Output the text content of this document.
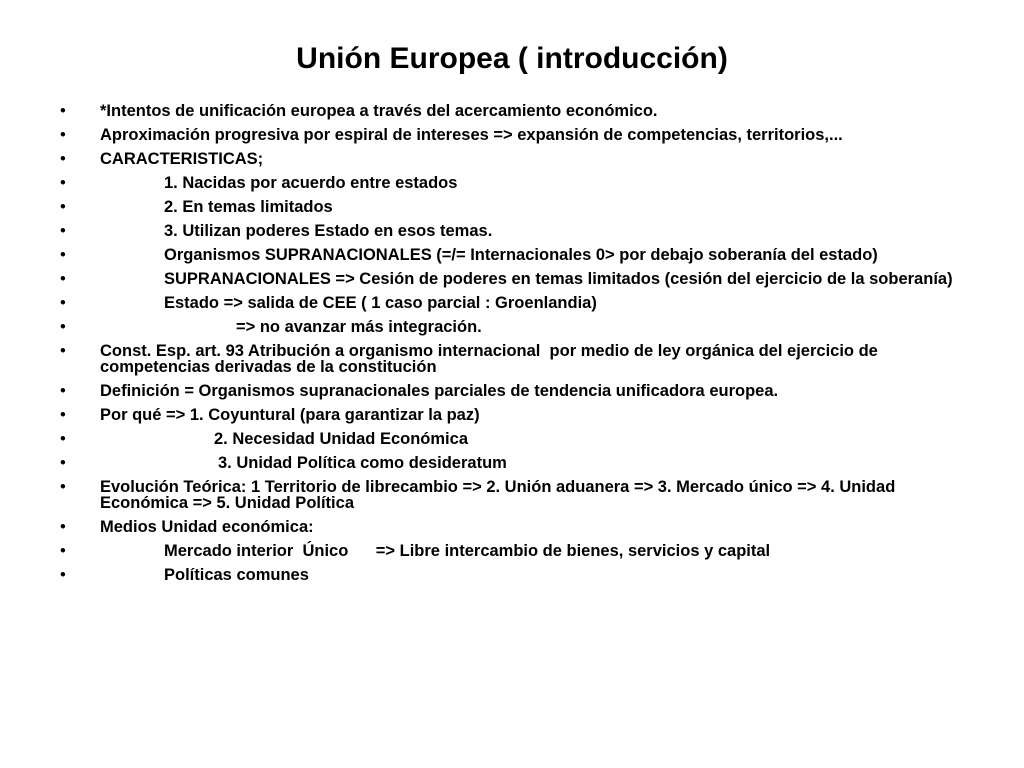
Unión Europea ( introducción)
• *Intentos de unificación europea a través del acercamiento económico.
• Aproximación progresiva por espiral de intereses => expansión de competencias, territorios,...
• CARACTERISTICAS;
•	1. Nacidas por acuerdo entre estados
•	2. En temas limitados
•	3. Utilizan poderes Estado en esos temas.
•	Organismos SUPRANACIONALES (=/= Internacionales 0> por debajo soberanía del estado)
•	SUPRANACIONALES => Cesión de poderes en temas limitados (cesión del ejercicio de la soberanía)
•	Estado => salida de CEE ( 1 caso parcial : Groenlandia)
•	=> no avanzar más integración.
• Const. Esp. art. 93 Atribución a organismo internacional  por medio de ley orgánica del ejercicio de competencias derivadas de la constitución
• Definición = Organismos supranacionales parciales de tendencia unificadora europea.
• Por qué => 1. Coyuntural (para garantizar la paz)
•	2. Necesidad Unidad Económica
•	3. Unidad Política como desideratum
• Evolución Teórica: 1 Territorio de librecambio => 2. Unión aduanera => 3. Mercado único => 4. Unidad Económica => 5. Unidad Política
• Medios Unidad económica:
•	Mercado interior  Único      => Libre intercambio de bienes, servicios y capital
•	Políticas comunes
